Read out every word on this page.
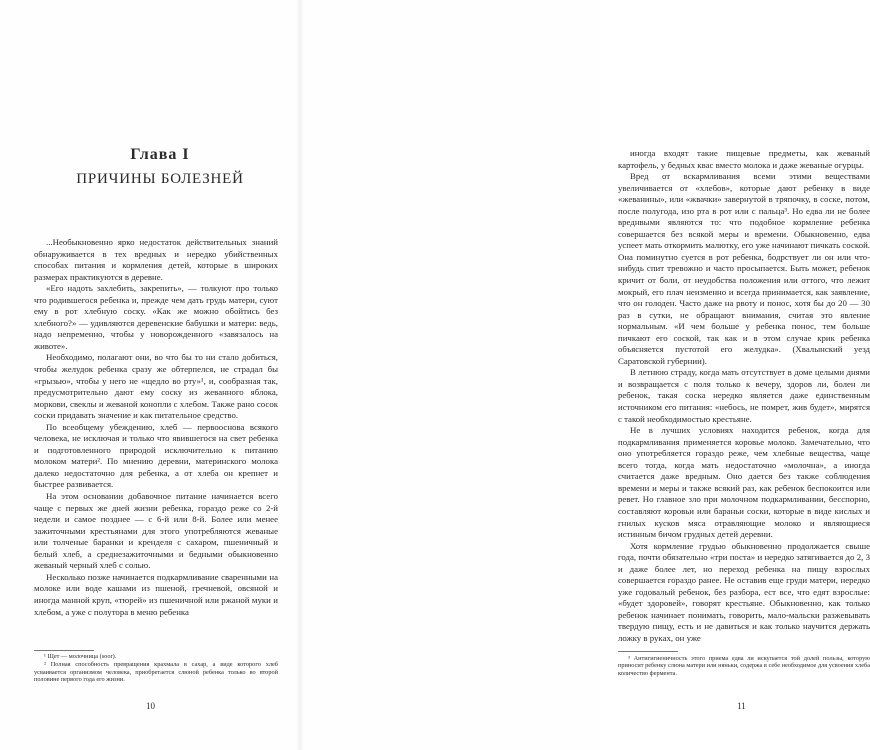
Глава I
ПРИЧИНЫ БОЛЕЗНЕЙ

...Необыкновенно ярко недостаток действительных знаний обнаруживается в тех вредных и нередко убийственных способах питания и кормления детей, которые в широких размерах практикуются в деревне.

«Его надоть захлебить, закрепить», — толкуют про только что родившегося ребенка и, прежде чем дать грудь матери, суют ему в рот хлебную соску. «Как же можно обойтись без хлебного?» — удивляются деревенские бабушки и матери: ведь, надо непременно, чтобы у новорожденного «завязалось на животе».

Необходимо, полагают они, во что бы то ни стало добиться, чтобы желудок ребенка сразу же обтерпелся, не страдал бы «грызью», чтобы у него не «щедло во рту»¹, и, сообразная так, предусмотрительно дают ему соску из жеванного яблока, моркови, свеклы и жеваной конопли с хлебом. Также рано сосок соски придавать значение и как питательное средство.

По всеобщему убеждению, хлеб — первооснова всякого человека, не исключая и только что явившегося на свет ребенка и подготовленного природой исключительно к питанию молоком матери². По мнению деревни, материнского молока далеко недостаточно для ребенка, а от хлеба он крепнет и быстрее развивается.

На этом основании добавочное питание начинается всего чаще с первых же дней жизни ребенка, гораздо реже со 2-й недели и самое позднее — с 6-й или 8-й. Более или менее зажиточными крестьянами для этого употребляются жеваные или толченые баранки и кренделя с сахаром, пшеничный и белый хлеб, а среднезажиточными и бедными обыкновенно жеваный черный хлеб с солью.

Несколько позже начинается подкармливание сваренными на молоке или воде кашами из пшеной, гречневой, овсяной и иногда манной круп, «тюрей» из пшеничной или ржаной муки и хлебом, а уже с полутора в меню ребенка

¹ Щет — молочница (soor).

² Полная способность превращения крахмала в сахар, а виде которого хлеб усваивается организмом человека, приобретается слюной ребенка только во второй половине первого года его жизни.

10

иногда входят такие пищевые предметы, как жеваный картофель, у бедных квас вместо молока и даже жеваные огурцы.

Вред от вскармливания всеми этими веществами увеличивается от «хлебов», которые дают ребенку в виде «жеванины», или «жвачки» завернутой в тряпочку, в соске, потом, после полугода, изо рта в рот или с пальца³. Но едва ли не более вреднвыми являются то: что подобное кормление ребенка совершается без всякой меры и времени. Обыкновенно, едва успеет мать откормить малютку, его уже начинают пичкать соской. Она поминутно суется в рот ребенка, бодрствует ли он или что-нибудь спит тревожно и часто просыпается. Быть может, ребенок кричит от боли, от неудобства положения или оттого, что лежит мокрый, его плач неизменно и всегда принимается, как заявление, что он голоден. Часто даже на рвоту и понос, хотя бы до 20 — 30 раз в сутки, не обращают внимания, считая это явление нормальным. «И чем больше у ребенка понос, тем больше пичкают его соской, так как и в этом случае крик ребенка объясняется пустотой его желудка». (Хвалынский уезд Саратовской губернии).

В летнюю страду, когда мать отсутствует в доме целыми днями и возвращается с поля только к вечеру, здоров ли, болен ли ребенок, такая соска нередко является даже единственным источником его питания: «небось, не помрет, жив будет», мирятся с такой необходимостью крестьяне.

Не в лучших условиях находится ребенок, когда для подкармливания применяется коровье молоко. Замечательно, что оно употребляется гораздо реже, чем хлебные вещества, чаще всего тогда, когда мать недостаточно «молочна», а иногда считается даже вредным. Оно дается без также соблюдения времени и меры и также всякий раз, как ребенок беспокоится или ревет. Но главное зло при молочном подкармливании, бесспорно, составляют коровьи или бараньи соски, которые в виде кислых и гнилых кусков мяса отравляющие молоко и являющиеся истинным бичом грудных детей деревни.

Хотя кормление грудью обыкновенно продолжается свыше года, почти обязательно «три поста» и нередко затягивается до 2, 3 и даже более лет, но переход ребенка на пищу взрослых совершается гораздо ранее. Не оставив еще груди матери, нередко уже годовалый ребенок, без разбора, ест все, что едят взрослые: «будет здоровей», говорят крестьяне. Обыкновенно, как только ребенок начинает понимать, говорить, мало-мальски разжевывать твердую пищу, есть и не давиться и как только научится держать ложку в руках, он уже

³ Антигигиеничность этого приема едва ли искупается той долей пользы, которую приносит ребенку слюна матери или няньки, содержа в себе необходимое для усвоения хлеба количество фермента.

11
